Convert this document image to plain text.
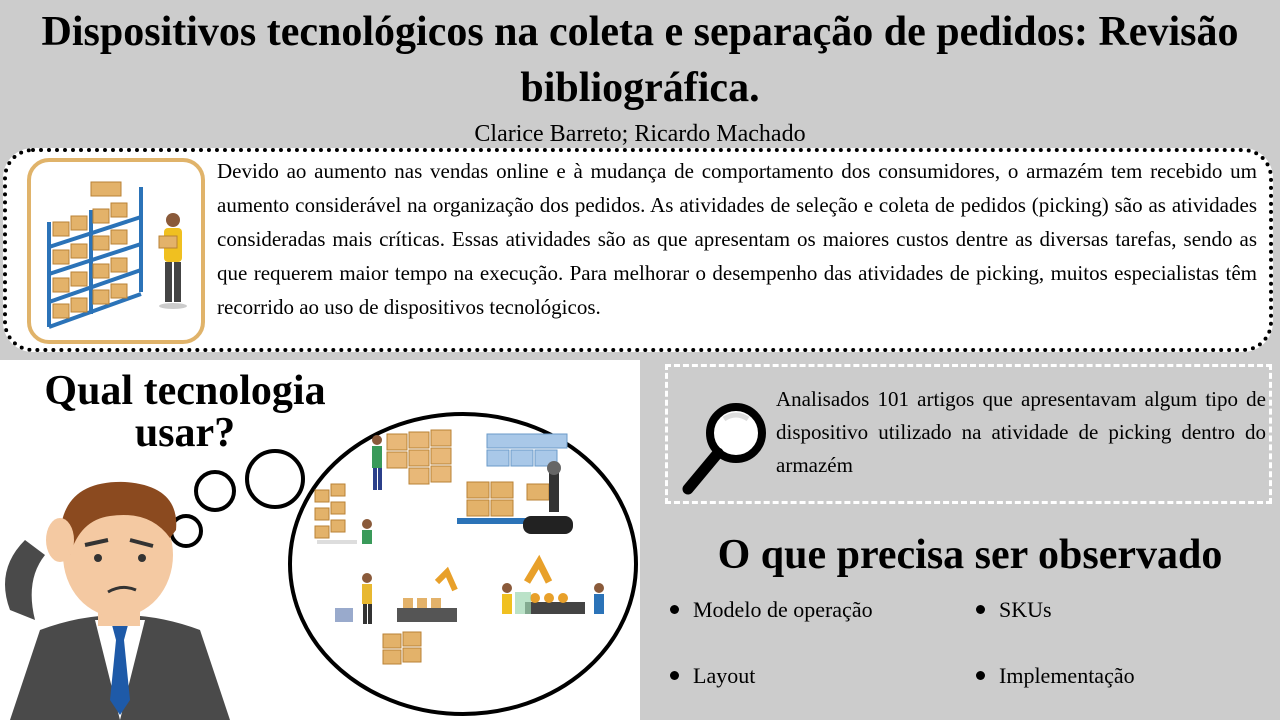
Dispositivos tecnológicos na coleta e separação de pedidos: Revisão bibliográfica.
Clarice Barreto; Ricardo Machado
Devido ao aumento nas vendas online e à mudança de comportamento dos consumidores, o armazém tem recebido um aumento considerável na organização dos pedidos. As atividades de seleção e coleta de pedidos (picking) são as atividades consideradas mais críticas. Essas atividades são as que apresentam os maiores custos dentre as diversas tarefas, sendo as que requerem maior tempo na execução. Para melhorar o desempenho das atividades de picking, muitos especialistas têm recorrido ao uso de dispositivos tecnológicos.
Qual tecnologia
usar?
Analisados 101 artigos que apresentavam algum tipo de dispositivo utilizado na atividade de picking dentro do armazém
O que precisa ser observado
Modelo de operação	SKUs
Layout	Implementação
